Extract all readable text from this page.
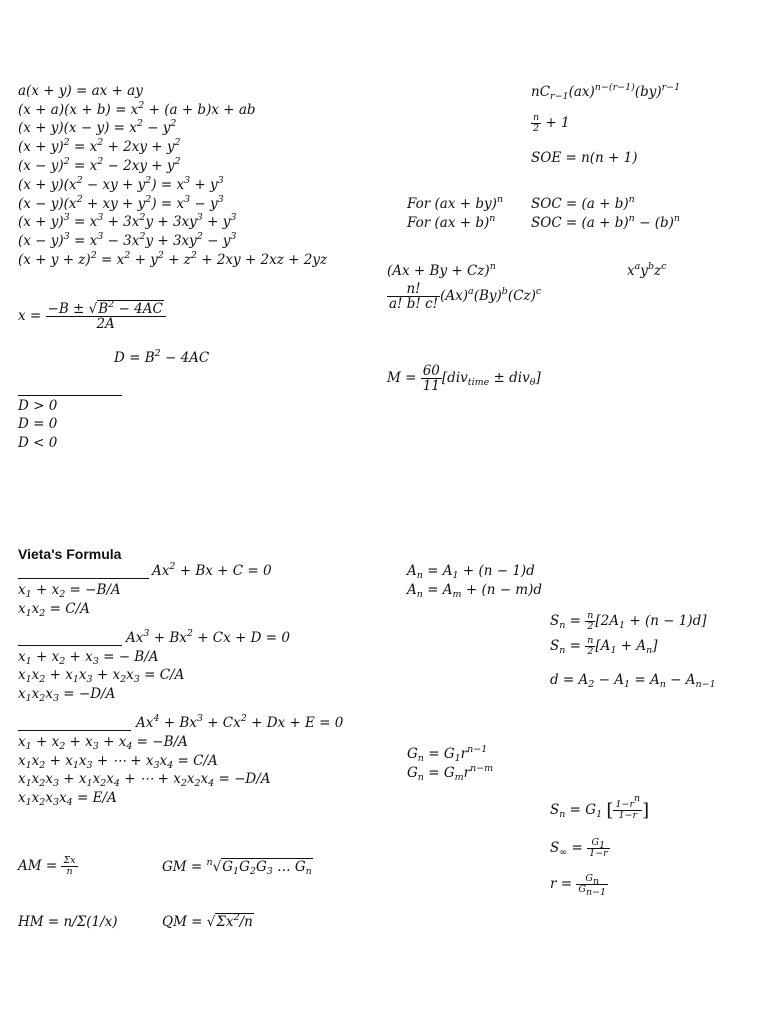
a(x + y) = ax + ay
$(x + a)(x + b) = x^2 + (a + b)x$ + ab
$(x + y)(x - y) = x^2 - y^2$
$(x + y)^2 = x^2 + 2xy + y^2$
$(x - y)^2 = x^2 - 2xy + y^2$
$(x + y)(x^2$ − xy + $y^2) = x^3 + y^3$
$(x - y)(x^2$ + xy + $y^2) = x^3 - y^3$
$(x + y)^3 = x^3 + 3x^2y + 3xy^3 + y^3$
$(x - y)^3 = x^3 - 3x^2y + 3xy^2 - y^3$
$(x + y + z)^2 = x^2 + y^2 + z^2 + 2xy + 2xz + 2yz$
$x = \frac{-B \pm √B^2 - 4AC}{2A}$
$D = B^2 - 4AC$
D > 0
D = 0
D < 0
$nC_{r-1}(ax)^{n-(r-1)}(by)^{r-1}$
$\frac{n}{2} + 1$
SOE = n(n + 1)
For (ax + by)$^n$
For (ax + b)$^n$
SOC = $(a + b)^n$
SOC = $(a + b)^n - (b)^n$
$(Ax + By + Cz)^n$	$x^ay^bz^c$
$\frac{n!}{a! b! c!} (Ax)^a(By)^b(Cz)^c$
$M = \frac{60}{11} [div_{time} \pm div_\theta]$
Vieta's Formula
$Ax^2 + Bx + C = 0$
$x_1 + x_2 = -B/A$
$x_1x_2 = C/A$
$Ax^3 + Bx^2 + Cx + D = 0$
$x_1 + x_2 + x_3$ = − B/A
$x_1x_2 + x_1x_3 + x_2x_3 = C/A$
$x_1x_2x_3 = -D/A$
$Ax^4 + Bx^3 + Cx^2 + Dx + E = 0$
$x_1 + x_2 + x_3 + x_4 = -B/A$
$x_1x_2 + x_1x_3$ + ⋯ + $x_3x_4 = C/A$
$x_1x_2x_3 + x_1x_2x_4$ + ⋯ + $x_2x_2x_4 = -D/A$
$x_1x_2x_3x_4 = E/A$
AM = $\frac{\Sigma x}{n}$	GM = $^n√G_1G_2G_3$ … $G_n$
HM = n/Σ(1/x)	QM = $√\Sigma x^2/n$
$A_n = A_1 + (n - 1)d$
$A_n = A_m + (n - m)d$
$S_n = \frac{n}{2} [2A_1 + (n - 1)d]$
$S_n = \frac{n}{2} [A_1 + A_n]$
$d = A_2 - A_1 = A_n - A_{n-1}$
$G_n = G_1r^{n-1}$
$G_n = G_mr^{n-m}$
$S_n = G_1$ [ $\frac{1-r^n}{1-r}$ ]
$S_\infty = \frac{G_1}{1-r}$
$r = \frac{G_n}{G_{n-1}}$
